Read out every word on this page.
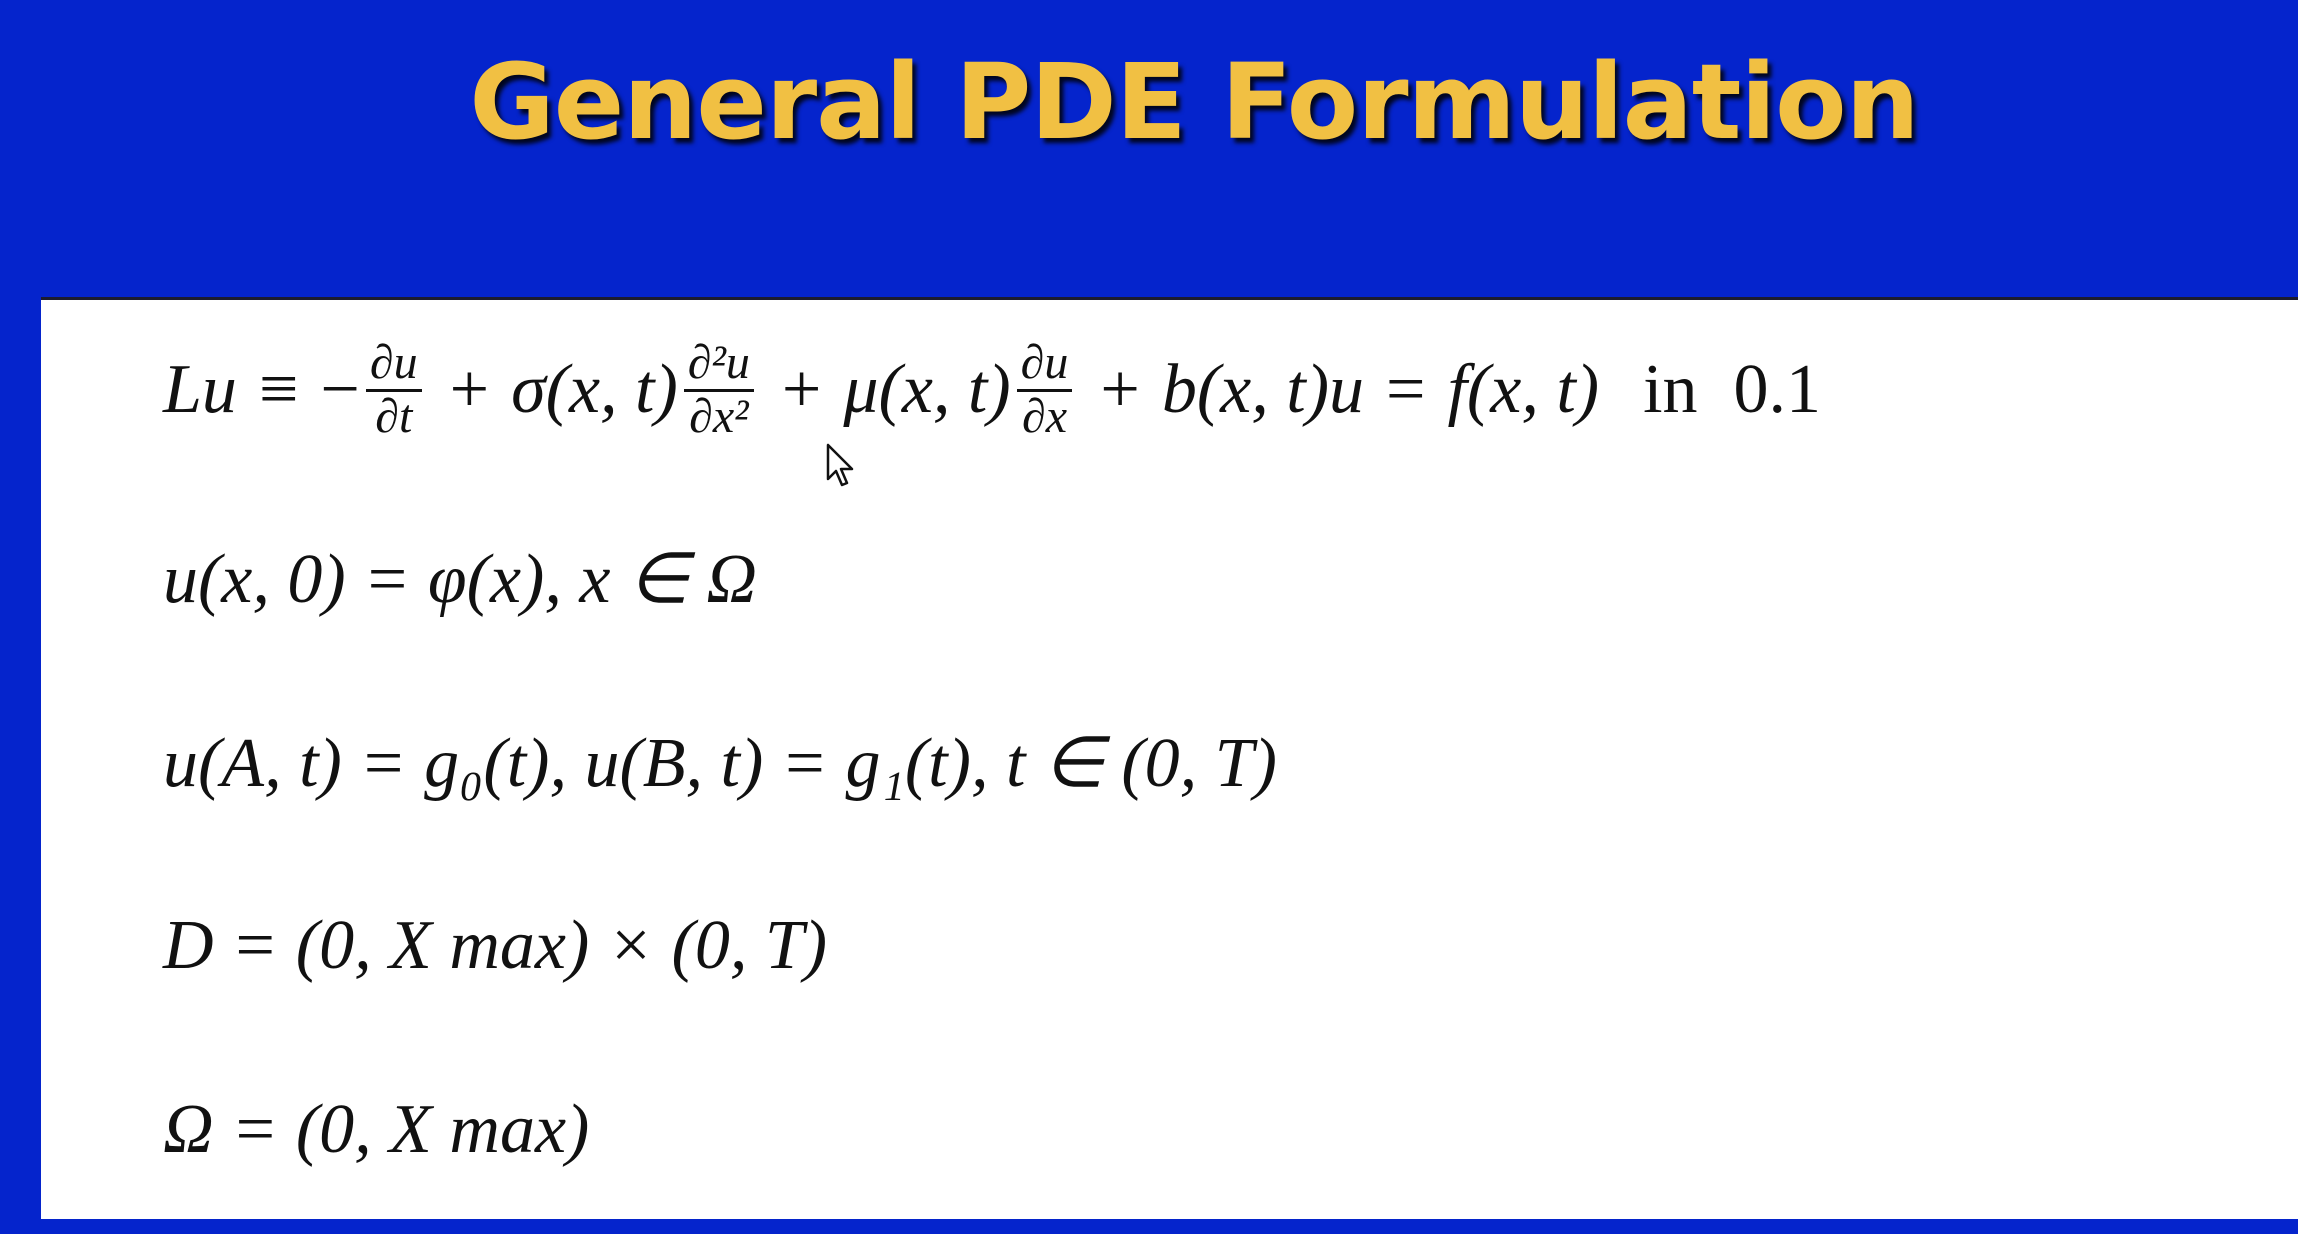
General PDE Formulation
Lu ≡ − $\frac{\partial u}{\partial t} + \sigma(x$, $t) \frac{\text{∂²u}}{\text{∂x²}} + \mu(x$, $t) \frac{\partial u}{\partial x} + b(x$, t)u = f(x, t) in 0.1
u(x, 0) = φ(x), x ∈ Ω
u(A, t) = g₀(t), u(B, t) = g₁(t), t ∈ (0, T)
D = (0, X max) × (0, T)
Ω = (0, X max)
